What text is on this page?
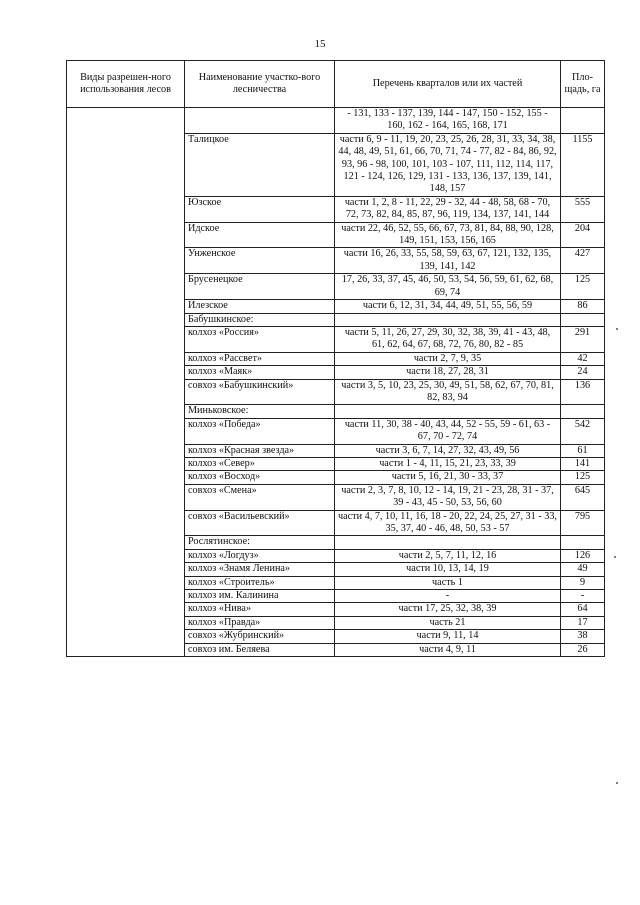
15
Виды разрешен-ного использования лесов	Наименование участко-вого лесничества	Перечень кварталов или их частей	Пло-щадь, га
		- 131, 133 - 137, 139, 144 - 147, 150 - 152, 155 - 160, 162 - 164, 165, 168, 171	
	Талицкое	части 6, 9 - 11, 19, 20, 23, 25, 26, 28, 31, 33, 34, 38, 44, 48, 49, 51, 61, 66, 70, 71, 74 - 77, 82 - 84, 86, 92, 93, 96 - 98, 100, 101, 103 - 107, 111, 112, 114, 117, 121 - 124, 126, 129, 131 - 133, 136, 137, 139, 141, 148, 157	1155
	Юзское	части 1, 2, 8 - 11, 22, 29 - 32, 44 - 48, 58, 68 - 70, 72, 73, 82, 84, 85, 87, 96, 119, 134, 137, 141, 144	555
	Идское	части 22, 46, 52, 55, 66, 67, 73, 81, 84, 88, 90, 128, 149, 151, 153, 156, 165	204
	Унженское	части 16, 26, 33, 55, 58, 59, 63, 67, 121, 132, 135, 139, 141, 142	427
	Брусенецкое	17, 26, 33, 37, 45, 46, 50, 53, 54, 56, 59, 61, 62, 68, 69, 74	125
	Илезское	части 6, 12, 31, 34, 44, 49, 51, 55, 56, 59	86
	Бабушкинское:		
	колхоз «Россия»	части 5, 11, 26, 27, 29, 30, 32, 38, 39, 41 - 43, 48, 61, 62, 64, 67, 68, 72, 76, 80, 82 - 85	291
	колхоз «Рассвет»	части 2, 7, 9, 35	42
	колхоз «Маяк»	части 18, 27, 28, 31	24
	совхоз «Бабушкинский»	части 3, 5, 10, 23, 25, 30, 49, 51, 58, 62, 67, 70, 81, 82, 83, 94	136
	Миньковское:		
	колхоз «Победа»	части 11, 30, 38 - 40, 43, 44, 52 - 55, 59 - 61, 63 - 67, 70 - 72, 74	542
	колхоз «Красная звезда»	части 3, 6, 7, 14, 27, 32, 43, 49, 56	61
	колхоз «Север»	части 1 - 4, 11, 15, 21, 23, 33, 39	141
	колхоз «Восход»	части 5, 16, 21, 30 - 33, 37	125
	совхоз «Смена»	части 2, 3, 7, 8, 10, 12 - 14, 19, 21 - 23, 28, 31 - 37, 39 - 43, 45 - 50, 53, 56, 60	645
	совхоз «Васильевский»	части 4, 7, 10, 11, 16, 18 - 20, 22, 24, 25, 27, 31 - 33, 35, 37, 40 - 46, 48, 50, 53 - 57	795
	Рослятинское:		
	колхоз «Логдуз»	части 2, 5, 7, 11, 12, 16	126
	колхоз «Знамя Ленина»	части 10, 13, 14, 19	49
	колхоз «Строитель»	часть 1	9
	колхоз им. Калинина	-	-
	колхоз «Нива»	части 17, 25, 32, 38, 39	64
	колхоз «Правда»	часть 21	17
	совхоз «Жубринский»	части 9, 11, 14	38
	совхоз им. Беляева	части 4, 9, 11	26
